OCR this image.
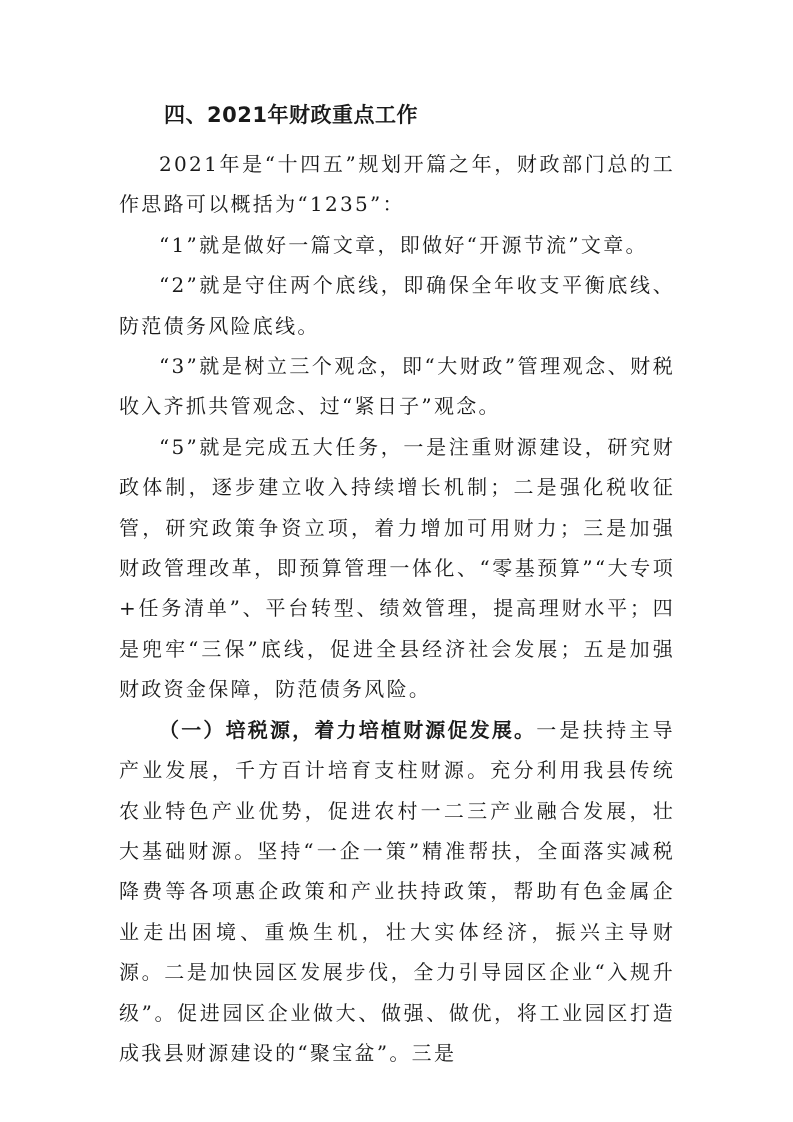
四、2021年财政重点工作

2021年是“十四五”规划开篇之年，财政部门总的工作思路可以概括为“1235”：

“1”就是做好一篇文章，即做好“开源节流”文章。

“2”就是守住两个底线，即确保全年收支平衡底线、防范债务风险底线。

“3”就是树立三个观念，即“大财政”管理观念、财税收入齐抓共管观念、过“紧日子”观念。

“5”就是完成五大任务，一是注重财源建设，研究财政体制，逐步建立收入持续增长机制；二是强化税收征管，研究政策争资立项，着力增加可用财力；三是加强财政管理改革，即预算管理一体化、“零基预算”“大专项+任务清单”、平台转型、绩效管理，提高理财水平；四是兜牢“三保”底线，促进全县经济社会发展；五是加强财政资金保障，防范债务风险。

（一）培税源，着力培植财源促发展。一是扶持主导产业发展，千方百计培育支柱财源。充分利用我县传统农业特色产业优势，促进农村一二三产业融合发展，壮大基础财源。坚持“一企一策”精准帮扶，全面落实减税降费等各项惠企政策和产业扶持政策，帮助有色金属企业走出困境、重焕生机，壮大实体经济，振兴主导财源。二是加快园区发展步伐，全力引导园区企业“入规升级”。促进园区企业做大、做强、做优，将工业园区打造成我县财源建设的“聚宝盆”。三是
